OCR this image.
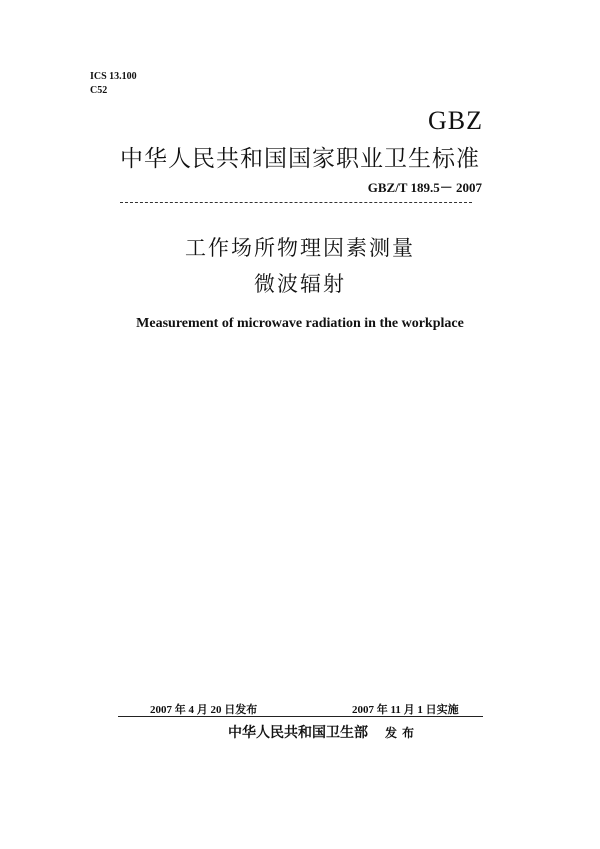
ICS 13.100
C52
GBZ
中华人民共和国国家职业卫生标准
GBZ/T 189.5－ 2007
工作场所物理因素测量
微波辐射
Measurement of microwave radiation in the workplace
2007 年 4 月 20 日发布	2007 年 11 月 1 日实施
中华人民共和国卫生部 发布
